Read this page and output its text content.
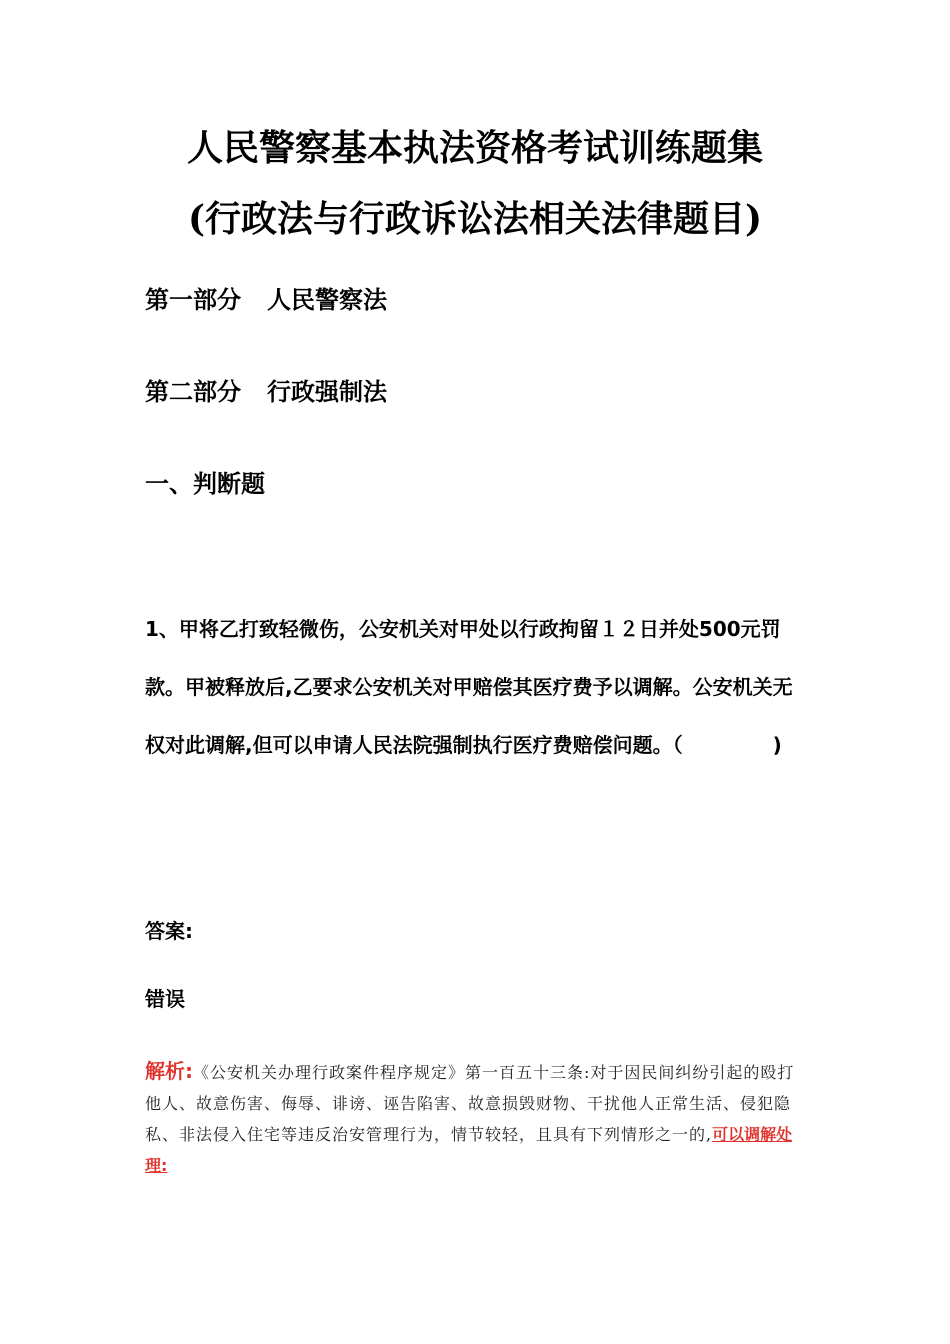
人民警察基本执法资格考试训练题集
(行政法与行政诉讼法相关法律题目)
第一部分 人民警察法
第二部分 行政强制法
一、判断题
1、甲将乙打致轻微伤，公安机关对甲处以行政拘留１２日并处500元罚款。甲被释放后,乙要求公安机关对甲赔偿其医疗费予以调解。公安机关无权对此调解,但可以申请人民法院强制执行医疗费赔偿问题。（	)
答案:
错误
解析:《公安机关办理行政案件程序规定》第一百五十三条:对于因民间纠纷引起的殴打他人、故意伤害、侮辱、诽谤、诬告陷害、故意损毁财物、干扰他人正常生活、侵犯隐私、非法侵入住宅等违反治安管理行为，情节较轻，且具有下列情形之一的,可以调解处理:
